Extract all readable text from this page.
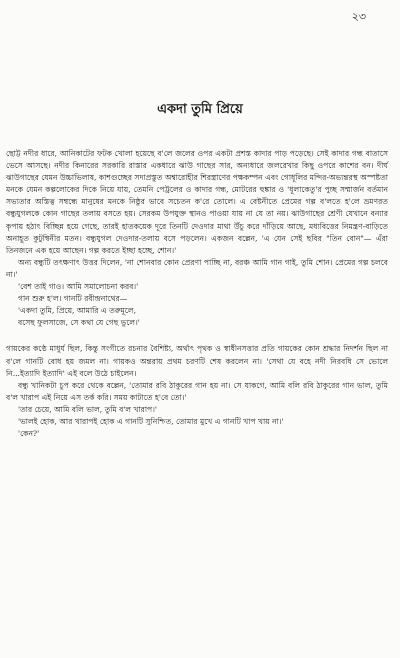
২৩
একদা তুমি প্রিয়ে

ছোট্ট নদীর ধারে, আনিকাটের ফটক খোলা হয়েছে ব'লে জলের ওপর একটা প্রশস্ত কাদার পাড় পড়েছে। সেই কাদার গন্ধ বাতাসে ভেসে আসছে। নদীর কিনারের সরকারি রাস্তার একধারে ঝাউ গাছের সার, অন্যধারে জলরেখার কিছু ওপরে কাশের বন। দীর্ঘ ঝাউগাছের যেমন উচ্চাভিলাষ, কাশগুচ্ছের সদাপ্রস্তুত অশ্বারোহীর শিরস্ত্রাণের পক্ষকম্পন এবং গোধূলির মন্দির-অভ্যন্তরস্থ অস্পষ্টতা মনকে যেমন কল্পলোকের দিকে নিয়ে যায়, তেমনি পেট্রলের ও কাদার গন্ধ, মোটরের হুঙ্কার ও 'ধূলাকেতু'র পুচ্ছ সম্মার্জন বর্তমান সভ্যতার অস্তিত্ব সম্বন্ধে মানুষের মনকে নিষ্ঠুর ভাবে সচেতন ক'রে তোলে। এ বেষ্টনীতে প্রেমের গল্প ব'লতে হ'লে ভ্রমণরত বন্ধুযুগলকে কোন গাছের তলায় বসতে হয়। সেরকম উপযুক্ত স্থানও পাওয়া যায় না যে তা নয়। ঝাউগাছের শ্রেণী যেখানে বন্যার কৃপায় হঠাৎ বিচ্ছিন্ন হয়ে গেছে, তারই হাতকয়েক দূরে তিনটি দেওদার মাথা উঁচু করে দাঁড়িয়ে আছে, মধ্যবিত্তের নিমন্ত্রণ-বাড়িতে অনাহূত কুটুম্বিনীর মতন। বন্ধুযুগল দেওদার-তলায় বসে পড়লেন। একজন বল্লেন, 'এ যেন সেই ছবির "তিন বোন"— এঁরা তিনজনে এক হয়ে আছেন। গল্প করতে ইচ্ছা হচ্ছে, শোন।'

অন্য বন্ধুটি তৎক্ষণাৎ উত্তর দিলেন, 'না শোনবার কোন প্রেরণা পাচ্ছি না, বরঞ্চ আমি গান গাই, তুমি শোন। প্রেমের গল্প চলবে না।'

'বেশ তাই গাও। আমি সমালোচনা করব।'

গান শুরু হ'ল। গানটি রবীন্দ্রনাথের—

'একদা তুমি, প্রিয়ে, আমারি এ তরুমূলে,

বসেছ ফুলসাজে, সে কথা যে গেছ ভুলে।'

গায়কের কণ্ঠে মাধুর্য ছিল, কিন্তু সংগীতে রচনার বৈশিষ্ট্য, অর্থাৎ পৃথক ও স্বাধীনসত্তার প্রতি গায়কের কোন শ্রদ্ধার নিদর্শন ছিল না ব'লে গানটি বোধ হয় জমল না। গায়কও অন্তরায় প্রথম চরণটি শেষ করলেন না। 'সেথা যে বহে নদী নিরবধি সে ভোলে নি...ইত্যাদি ইত্যাদি' এই বলে উঠে চাইলেন।

বন্ধু খানিকটা চুপ করে থেকে বল্লেন, 'তোমার রবি ঠাকুরের গান হয় না। সে যাকগে, আমি বলি রবি ঠাকুরের গান ভাল, তুমি ব'ল খারাপ এই নিয়ে এস তর্ক করি। সময় কাটাতে হ'বে তো।'

'তার চেয়ে, আমি বলি ভাল, তুমি ব'ল খারাপ।'

'ভালই হোক, আর খারাপই হোক এ গানটি সুনিশ্চিত, তোমার মুখে এ গানটি খাপ খায় না।'

'কেন?'
